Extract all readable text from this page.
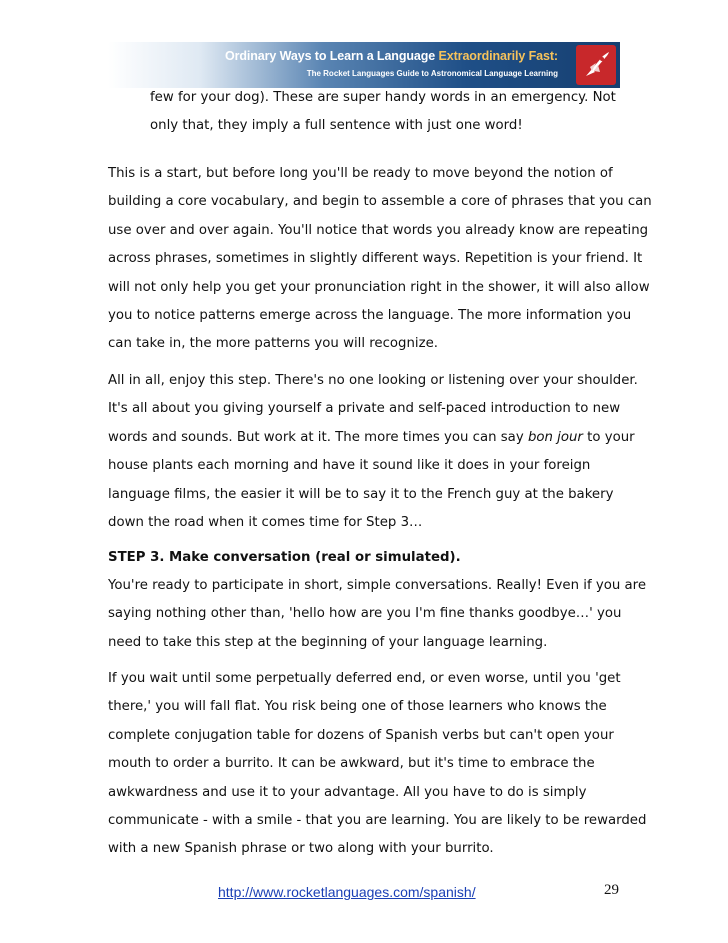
Ordinary Ways to Learn a Language Extraordinarily Fast:
The Rocket Languages Guide to Astronomical Language Learning
few for your dog). These are super handy words in an emergency. Not
only that, they imply a full sentence with just one word!
This is a start, but before long you'll be ready to move beyond the notion of
building a core vocabulary, and begin to assemble a core of phrases that you can
use over and over again. You'll notice that words you already know are repeating
across phrases, sometimes in slightly different ways. Repetition is your friend. It
will not only help you get your pronunciation right in the shower, it will also allow
you to notice patterns emerge across the language. The more information you
can take in, the more patterns you will recognize.
All in all, enjoy this step. There's no one looking or listening over your shoulder.
It's all about you giving yourself a private and self-paced introduction to new
words and sounds. But work at it. The more times you can say bon jour to your
house plants each morning and have it sound like it does in your foreign
language films, the easier it will be to say it to the French guy at the bakery
down the road when it comes time for Step 3…
STEP 3. Make conversation (real or simulated).
You're ready to participate in short, simple conversations. Really! Even if you are
saying nothing other than, 'hello how are you I'm fine thanks goodbye…' you
need to take this step at the beginning of your language learning.
If you wait until some perpetually deferred end, or even worse, until you 'get
there,' you will fall flat. You risk being one of those learners who knows the
complete conjugation table for dozens of Spanish verbs but can't open your
mouth to order a burrito. It can be awkward, but it's time to embrace the
awkwardness and use it to your advantage. All you have to do is simply
communicate - with a smile - that you are learning. You are likely to be rewarded
with a new Spanish phrase or two along with your burrito.
http://www.rocketlanguages.com/spanish/	29
